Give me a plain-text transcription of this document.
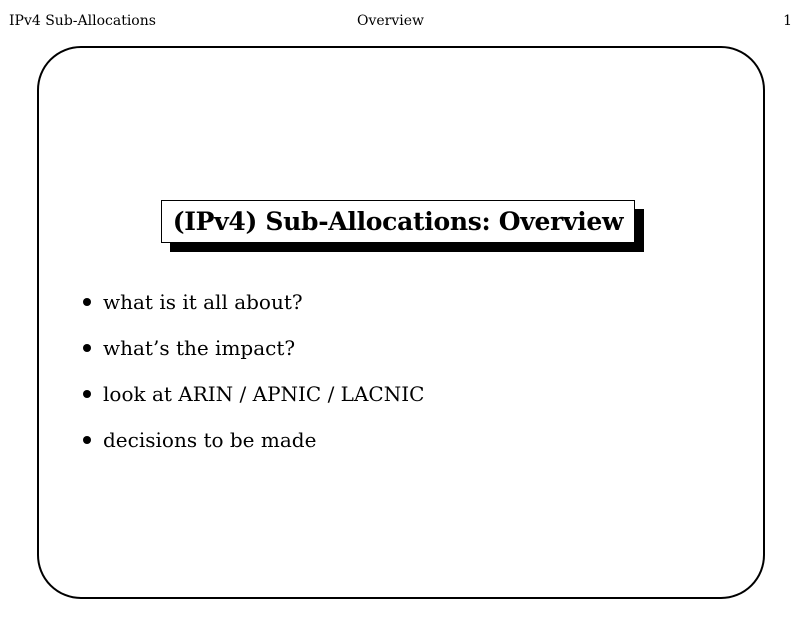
IPv4 Sub-Allocations	Overview	1
(IPv4) Sub-Allocations: Overview
what is it all about?
what’s the impact?
look at ARIN / APNIC / LACNIC
decisions to be made
